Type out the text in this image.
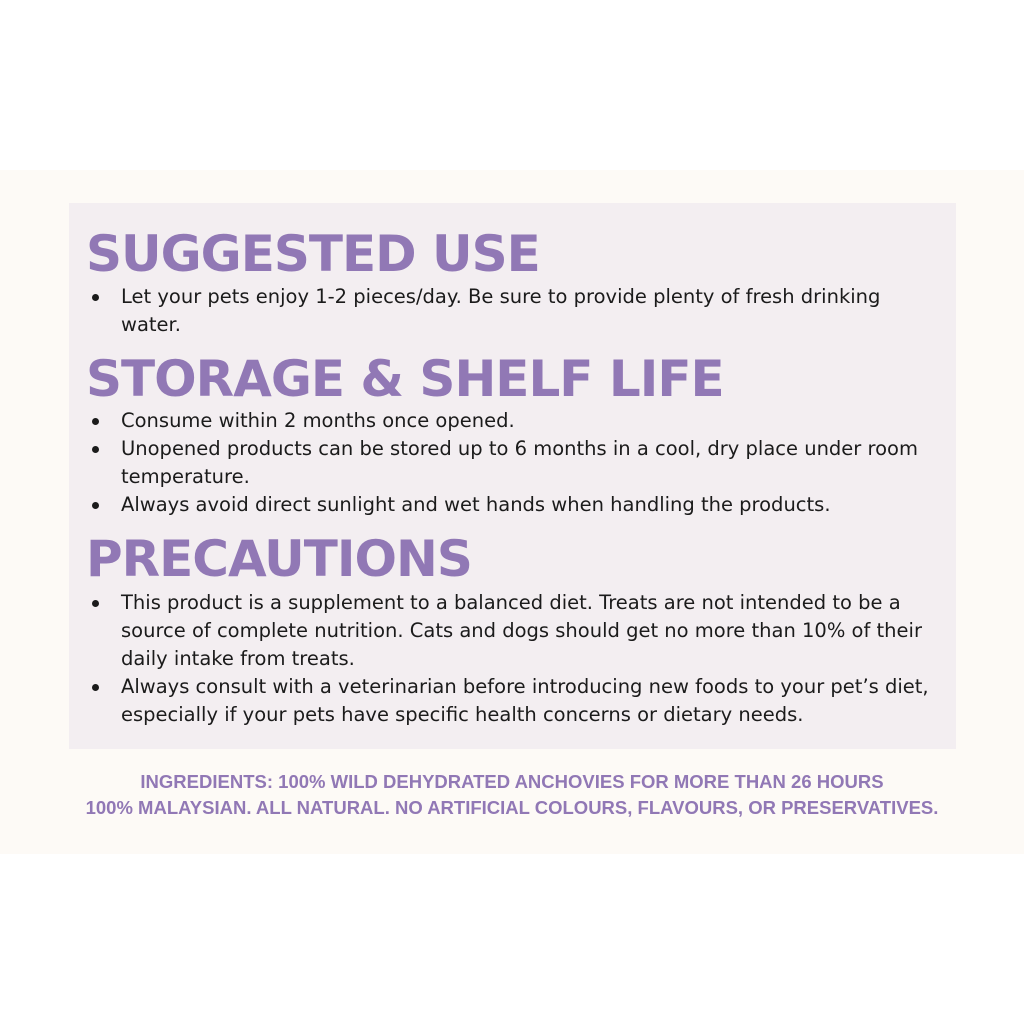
SUGGESTED USE
Let your pets enjoy 1-2 pieces/day. Be sure to provide plenty of fresh drinking water.
STORAGE & SHELF LIFE
Consume within 2 months once opened.
Unopened products can be stored up to 6 months in a cool, dry place under room temperature.
Always avoid direct sunlight and wet hands when handling the products.
PRECAUTIONS
This product is a supplement to a balanced diet. Treats are not intended to be a source of complete nutrition. Cats and dogs should get no more than 10% of their daily intake from treats.
Always consult with a veterinarian before introducing new foods to your pet’s diet, especially if your pets have specific health concerns or dietary needs.
INGREDIENTS: 100% WILD DEHYDRATED ANCHOVIES FOR MORE THAN 26 HOURS
100% MALAYSIAN. ALL NATURAL. NO ARTIFICIAL COLOURS, FLAVOURS, OR PRESERVATIVES.
